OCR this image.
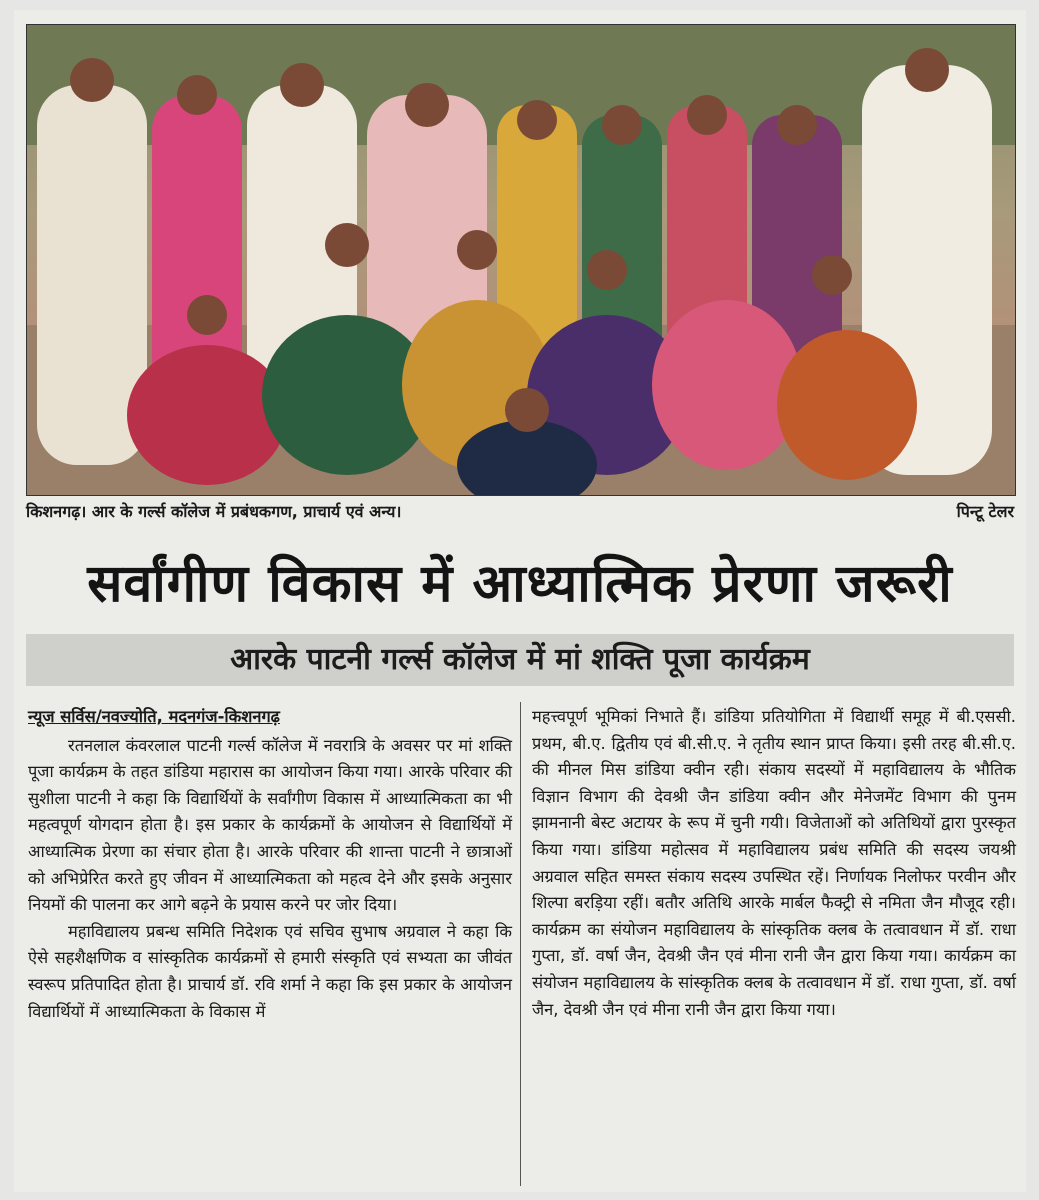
किशनगढ़। आर के गर्ल्स कॉलेज में प्रबंधकगण, प्राचार्य एवं अन्य।	पिन्टू टेलर
सर्वांगीण विकास में आध्यात्मिक प्रेरणा जरूरी
आरके पाटनी गर्ल्स कॉलेज में मां शक्ति पूजा कार्यक्रम
न्यूज सर्विस/नवज्योति, मदनगंज-किशनगढ़

रतनलाल कंवरलाल पाटनी गर्ल्स कॉलेज में नवरात्रि के अवसर पर मां शक्ति पूजा कार्यक्रम के तहत डांडिया महारास का आयोजन किया गया। आरके परिवार की सुशीला पाटनी ने कहा कि विद्यार्थियों के सर्वांगीण विकास में आध्यात्मिकता का भी महत्वपूर्ण योगदान होता है। इस प्रकार के कार्यक्रमों के आयोजन से विद्यार्थियों में आध्यात्मिक प्रेरणा का संचार होता है। आरके परिवार की शान्ता पाटनी ने छात्राओं को अभिप्रेरित करते हुए जीवन में आध्यात्मिकता को महत्व देने और इसके अनुसार नियमों की पालना कर आगे बढ़ने के प्रयास करने पर जोर दिया।

महाविद्यालय प्रबन्ध समिति निदेशक एवं सचिव सुभाष अग्रवाल ने कहा कि ऐसे सहशैक्षणिक व सांस्कृतिक कार्यक्रमों से हमारी संस्कृति एवं सभ्यता का जीवंत स्वरूप प्रतिपादित होता है। प्राचार्य डॉ. रवि शर्मा ने कहा कि इस प्रकार के आयोजन विद्यार्थियों में आध्यात्मिकता के विकास में

महत्त्वपूर्ण भूमिकां निभाते हैं। डांडिया प्रतियोगिता में विद्यार्थी समूह में बी.एससी. प्रथम, बी.ए. द्वितीय एवं बी.सी.ए. ने तृतीय स्थान प्राप्त किया। इसी तरह बी.सी.ए. की मीनल मिस डांडिया क्वीन रही। संकाय सदस्यों में महाविद्यालय के भौतिक विज्ञान विभाग की देवश्री जैन डांडिया क्वीन और मेनेजमेंट विभाग की पुनम झामनानी बेस्ट अटायर के रूप में चुनी गयी। विजेताओं को अतिथियों द्वारा पुरस्कृत किया गया। डांडिया महोत्सव में महाविद्यालय प्रबंध समिति की सदस्य जयश्री अग्रवाल सहित समस्त संकाय सदस्य उपस्थित रहें। निर्णायक निलोफर परवीन और शिल्पा बरड़िया रहीं। बतौर अतिथि आरके मार्बल फैक्ट्री से नमिता जैन मौजूद रही। कार्यक्रम का संयोजन महाविद्यालय के सांस्कृतिक क्लब के तत्वावधान में डॉ. राधा गुप्ता, डॉ. वर्षा जैन, देवश्री जैन एवं मीना रानी जैन द्वारा किया गया। कार्यक्रम का संयोजन महाविद्यालय के सांस्कृतिक क्लब के तत्वावधान में डॉ. राधा गुप्ता, डॉ. वर्षा जैन, देवश्री जैन एवं मीना रानी जैन द्वारा किया गया।
